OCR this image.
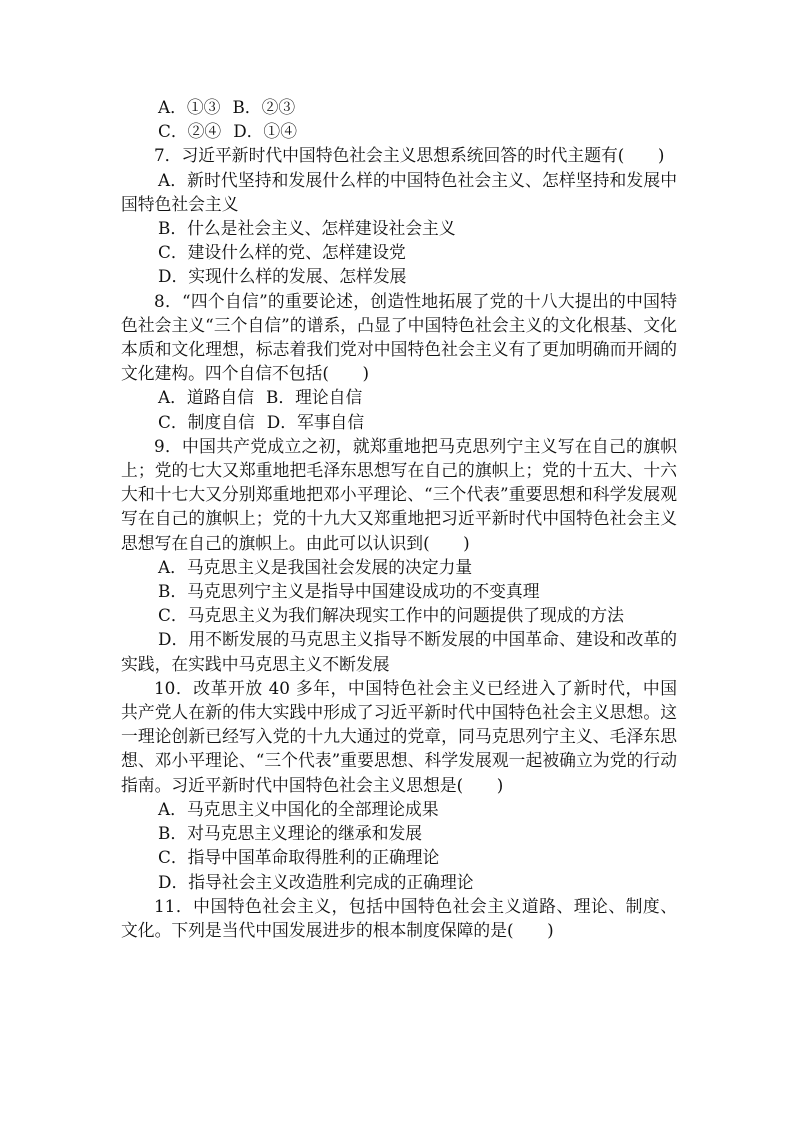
A．①③ B．②③

C．②④ D．①④

7．习近平新时代中国特色社会主义思想系统回答的时代主题有(　　)

A．新时代坚持和发展什么样的中国特色社会主义、怎样坚持和发展中国特色社会主义

B．什么是社会主义、怎样建设社会主义

C．建设什么样的党、怎样建设党

D．实现什么样的发展、怎样发展

8．“四个自信”的重要论述，创造性地拓展了党的十八大提出的中国特色社会主义“三个自信”的谱系，凸显了中国特色社会主义的文化根基、文化本质和文化理想，标志着我们党对中国特色社会主义有了更加明确而开阔的文化建构。四个自信不包括(　　)

A．道路自信 B．理论自信

C．制度自信 D．军事自信

9．中国共产党成立之初，就郑重地把马克思列宁主义写在自己的旗帜上；党的七大又郑重地把毛泽东思想写在自己的旗帜上；党的十五大、十六大和十七大又分别郑重地把邓小平理论、“三个代表”重要思想和科学发展观写在自己的旗帜上；党的十九大又郑重地把习近平新时代中国特色社会主义思想写在自己的旗帜上。由此可以认识到(　　)

A．马克思主义是我国社会发展的决定力量

B．马克思列宁主义是指导中国建设成功的不变真理

C．马克思主义为我们解决现实工作中的问题提供了现成的方法

D．用不断发展的马克思主义指导不断发展的中国革命、建设和改革的实践，在实践中马克思主义不断发展

10．改革开放 40 多年，中国特色社会主义已经进入了新时代，中国共产党人在新的伟大实践中形成了习近平新时代中国特色社会主义思想。这一理论创新已经写入党的十九大通过的党章，同马克思列宁主义、毛泽东思想、邓小平理论、“三个代表”重要思想、科学发展观一起被确立为党的行动指南。习近平新时代中国特色社会主义思想是(　　)

A．马克思主义中国化的全部理论成果

B．对马克思主义理论的继承和发展

C．指导中国革命取得胜利的正确理论

D．指导社会主义改造胜利完成的正确理论

11．中国特色社会主义，包括中国特色社会主义道路、理论、制度、文化。下列是当代中国发展进步的根本制度保障的是(　　)
